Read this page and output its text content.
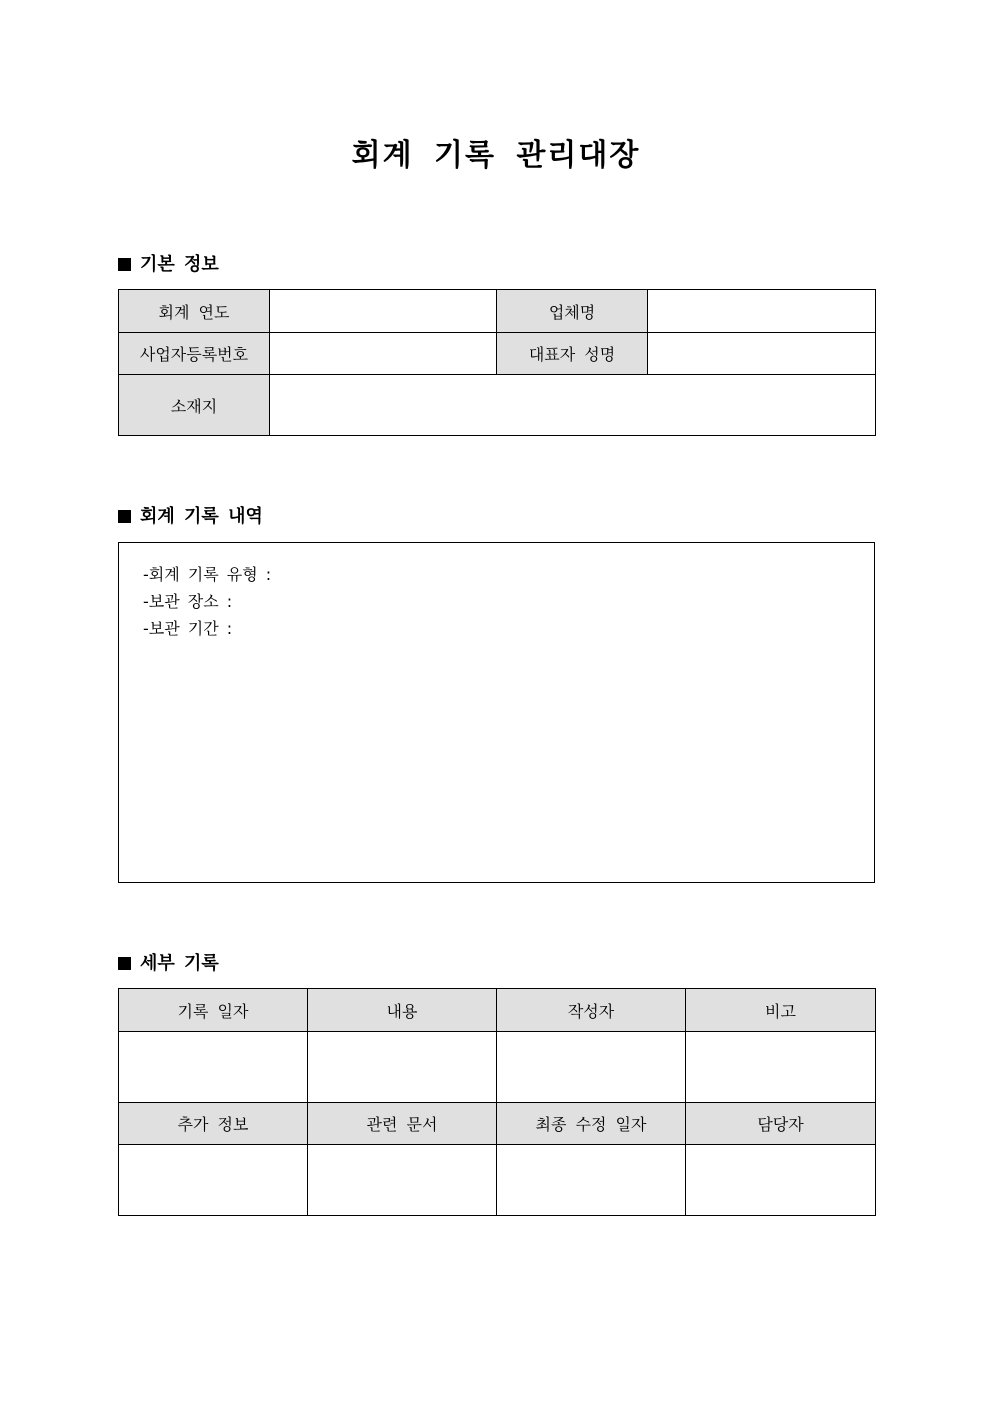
회계 기록 관리대장
기본 정보
회계 연도		업체명	
사업자등록번호		대표자 성명	
소재지			
회계 기록 내역
-회계 기록 유형 :
-보관 장소 :
-보관 기간 :
세부 기록
기록 일자	내용	작성자	비고

추가 정보	관련 문서	최종 수정 일자	담당자
